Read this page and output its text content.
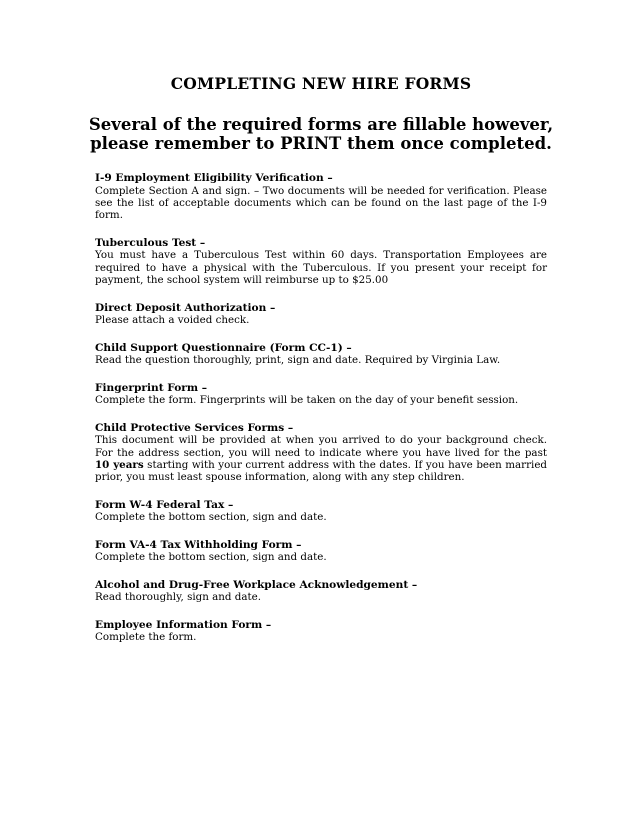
COMPLETING NEW HIRE FORMS
Several of the required forms are fillable however, please remember to PRINT them once completed.

I-9 Employment Eligibility Verification –

Complete Section A and sign. – Two documents will be needed for verification. Please see the list of acceptable documents which can be found on the last page of the I-9 form.

Tuberculous Test –

You must have a Tuberculous Test within 60 days. Transportation Employees are required to have a physical with the Tuberculous. If you present your receipt for payment, the school system will reimburse up to $25.00

Direct Deposit Authorization –

Please attach a voided check.

Child Support Questionnaire (Form CC-1) –

Read the question thoroughly, print, sign and date. Required by Virginia Law.

Fingerprint Form –

Complete the form. Fingerprints will be taken on the day of your benefit session.

Child Protective Services Forms –

This document will be provided at when you arrived to do your background check. For the address section, you will need to indicate where you have lived for the past 10 years starting with your current address with the dates. If you have been married prior, you must least spouse information, along with any step children.

Form W-4 Federal Tax –

Complete the bottom section, sign and date.

Form VA-4 Tax Withholding Form –

Complete the bottom section, sign and date.

Alcohol and Drug-Free Workplace Acknowledgement –

Read thoroughly, sign and date.

Employee Information Form –

Complete the form.
